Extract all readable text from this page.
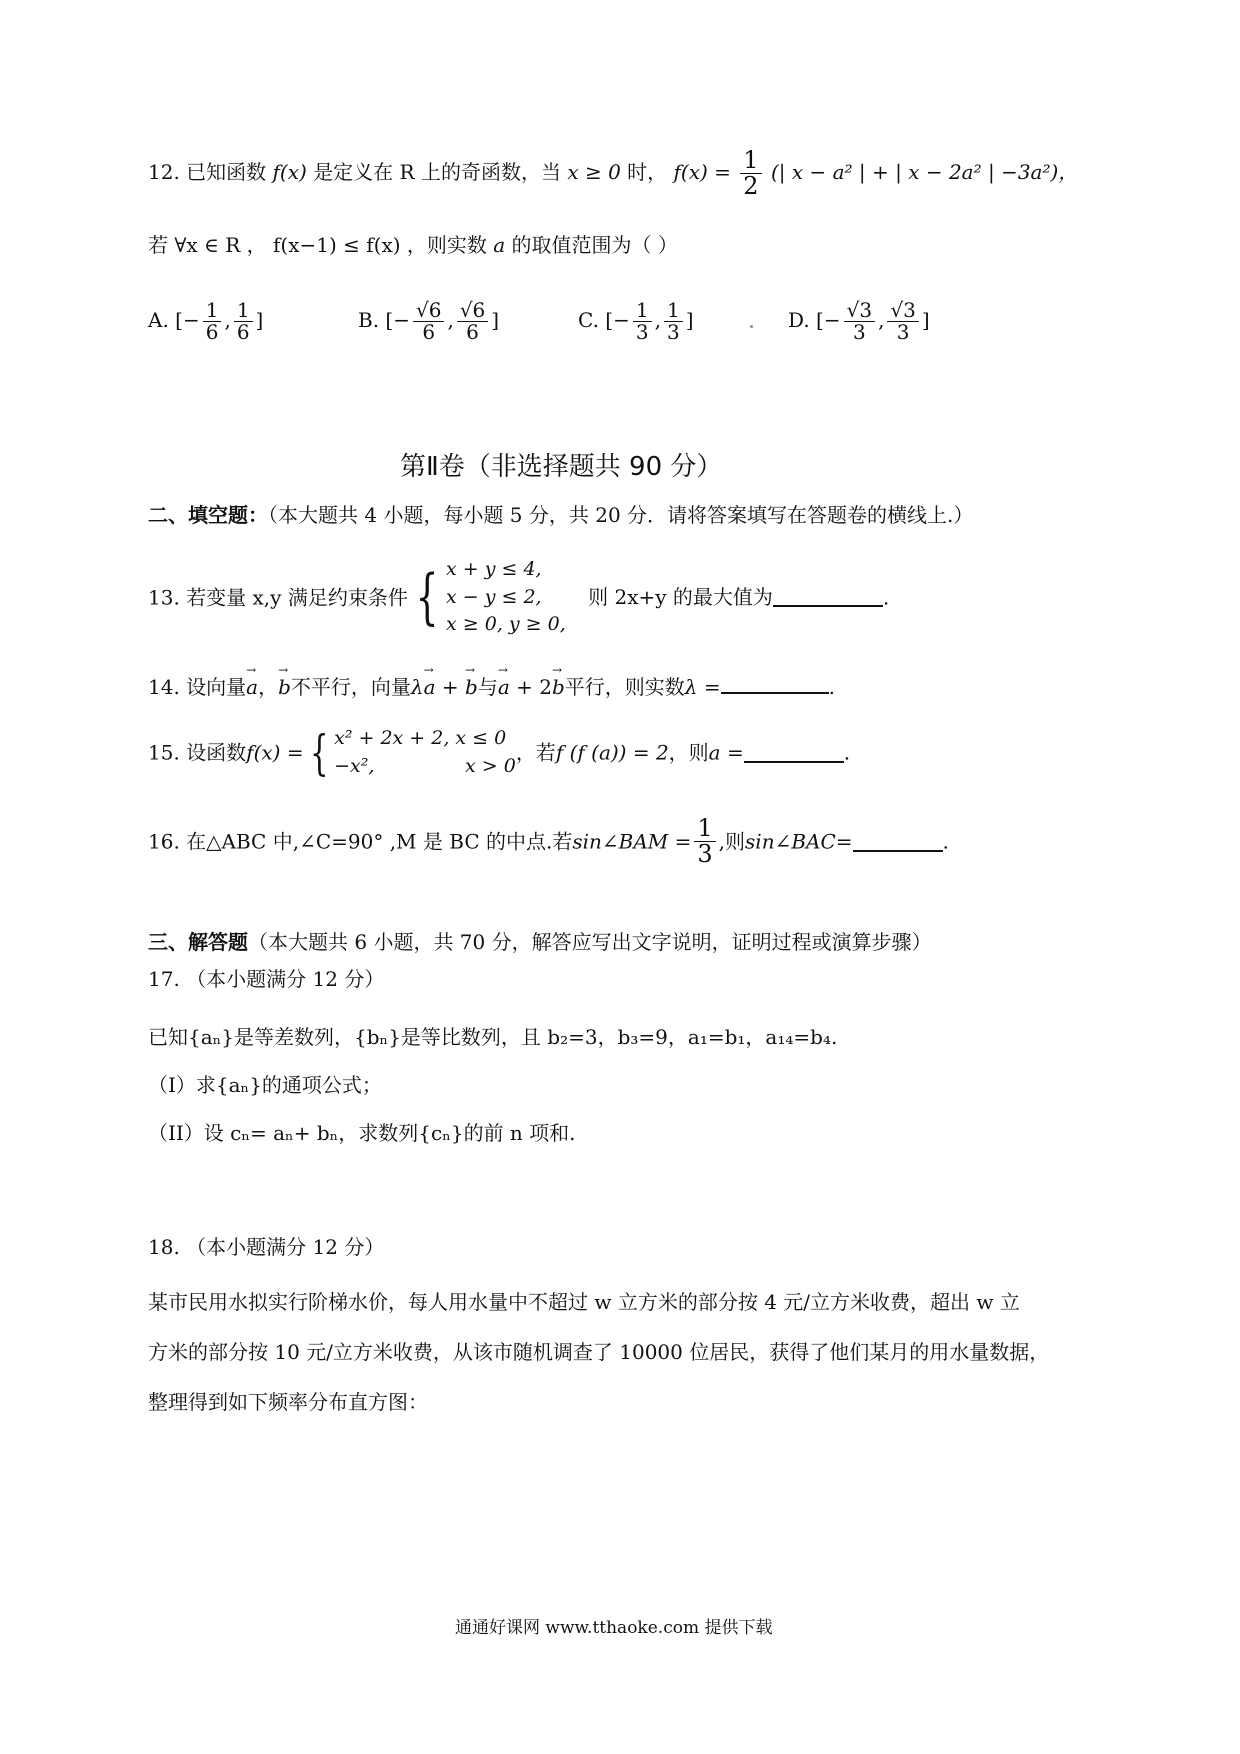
12. 已知函数 f(x) 是定义在 R 上的奇函数，当 x ≥ 0 时， $f(x) = \frac{1}{2}$ (| x − a² | + | x − 2a² | −3a²)，
若 ∀x ∈ R ， f(x−1) ≤ f(x) ，则实数 a 的取值范围为（ ）
A. [− $\frac{1}{6}$ , $\frac{1}{6}$ ]	B. [− $\frac{√6}{6}$ , $\frac{√6}{6}$ ]	C. [− $\frac{1}{3}$ , $\frac{1}{3}$ ]	D. [− $\frac{√3}{3}$ , $\frac{√3}{3}$ ]
第Ⅱ卷（非选择题共 90 分）
二、填空题：（本大题共 4 小题，每小题 5 分，共 20 分．请将答案填写在答题卷的横线上.）
13. 若变量 x,y 满足约束条件 { x + y ≤ 4,
x − y ≤ 2,
x ≥ 0, y ≥ 0,
则 2x+y 的最大值为	.
14. 设向量→ a，→ b不平行，向量λ→ a + → b与→ a + 2→ b平行，则实数λ =	.
15. 设函数f(x) = { x² + 2x + 2, x ≤ 0
−x²,               x > 0
，若f (f (a)) = 2，则a =	.
16. 在△ABC 中,∠C=90° ,M 是 BC 的中点.若sin∠BAM = $\frac{1}{3}$ ,则sin∠BAC=	.
三、解答题（本大题共 6 小题，共 70 分，解答应写出文字说明，证明过程或演算步骤）
17. （本小题满分 12 分）
已知{aₙ}是等差数列，{bₙ}是等比数列，且 b₂=3，b₃=9，a₁=b₁，a₁₄=b₄.
（I）求{aₙ}的通项公式；
（II）设 cₙ= aₙ+ bₙ，求数列{cₙ}的前 n 项和.
18. （本小题满分 12 分）
某市民用水拟实行阶梯水价，每人用水量中不超过 w 立方米的部分按 4 元/立方米收费，超出 w 立
方米的部分按 10 元/立方米收费，从该市随机调查了 10000 位居民，获得了他们某月的用水量数据，
整理得到如下频率分布直方图：
通通好课网 www.tthaoke.com 提供下载
